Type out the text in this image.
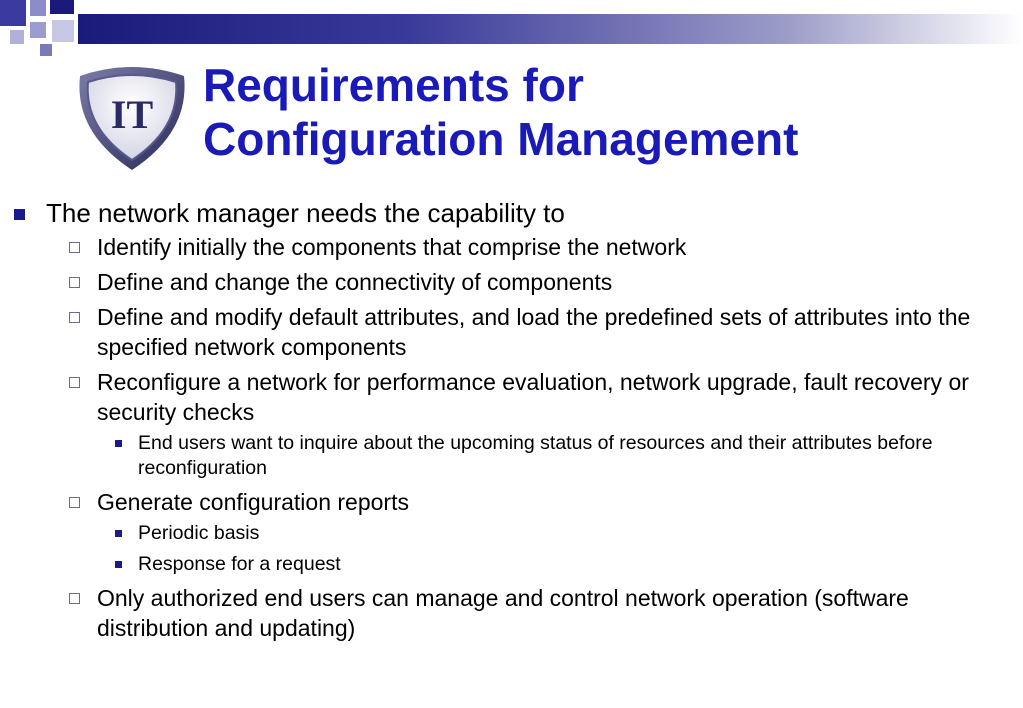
IT
Requirements for
Configuration Management
The network manager needs the capability to
Identify initially the components that comprise the network
Define and change the connectivity of components
Define and modify default attributes, and load the predefined sets of attributes into the specified network components
Reconfigure a network for performance evaluation, network upgrade, fault recovery or security checks
End users want to inquire about the upcoming status of resources and their attributes before reconfiguration
Generate configuration reports
Periodic basis
Response for a request
Only authorized end users can manage and control network operation (software distribution and updating)
